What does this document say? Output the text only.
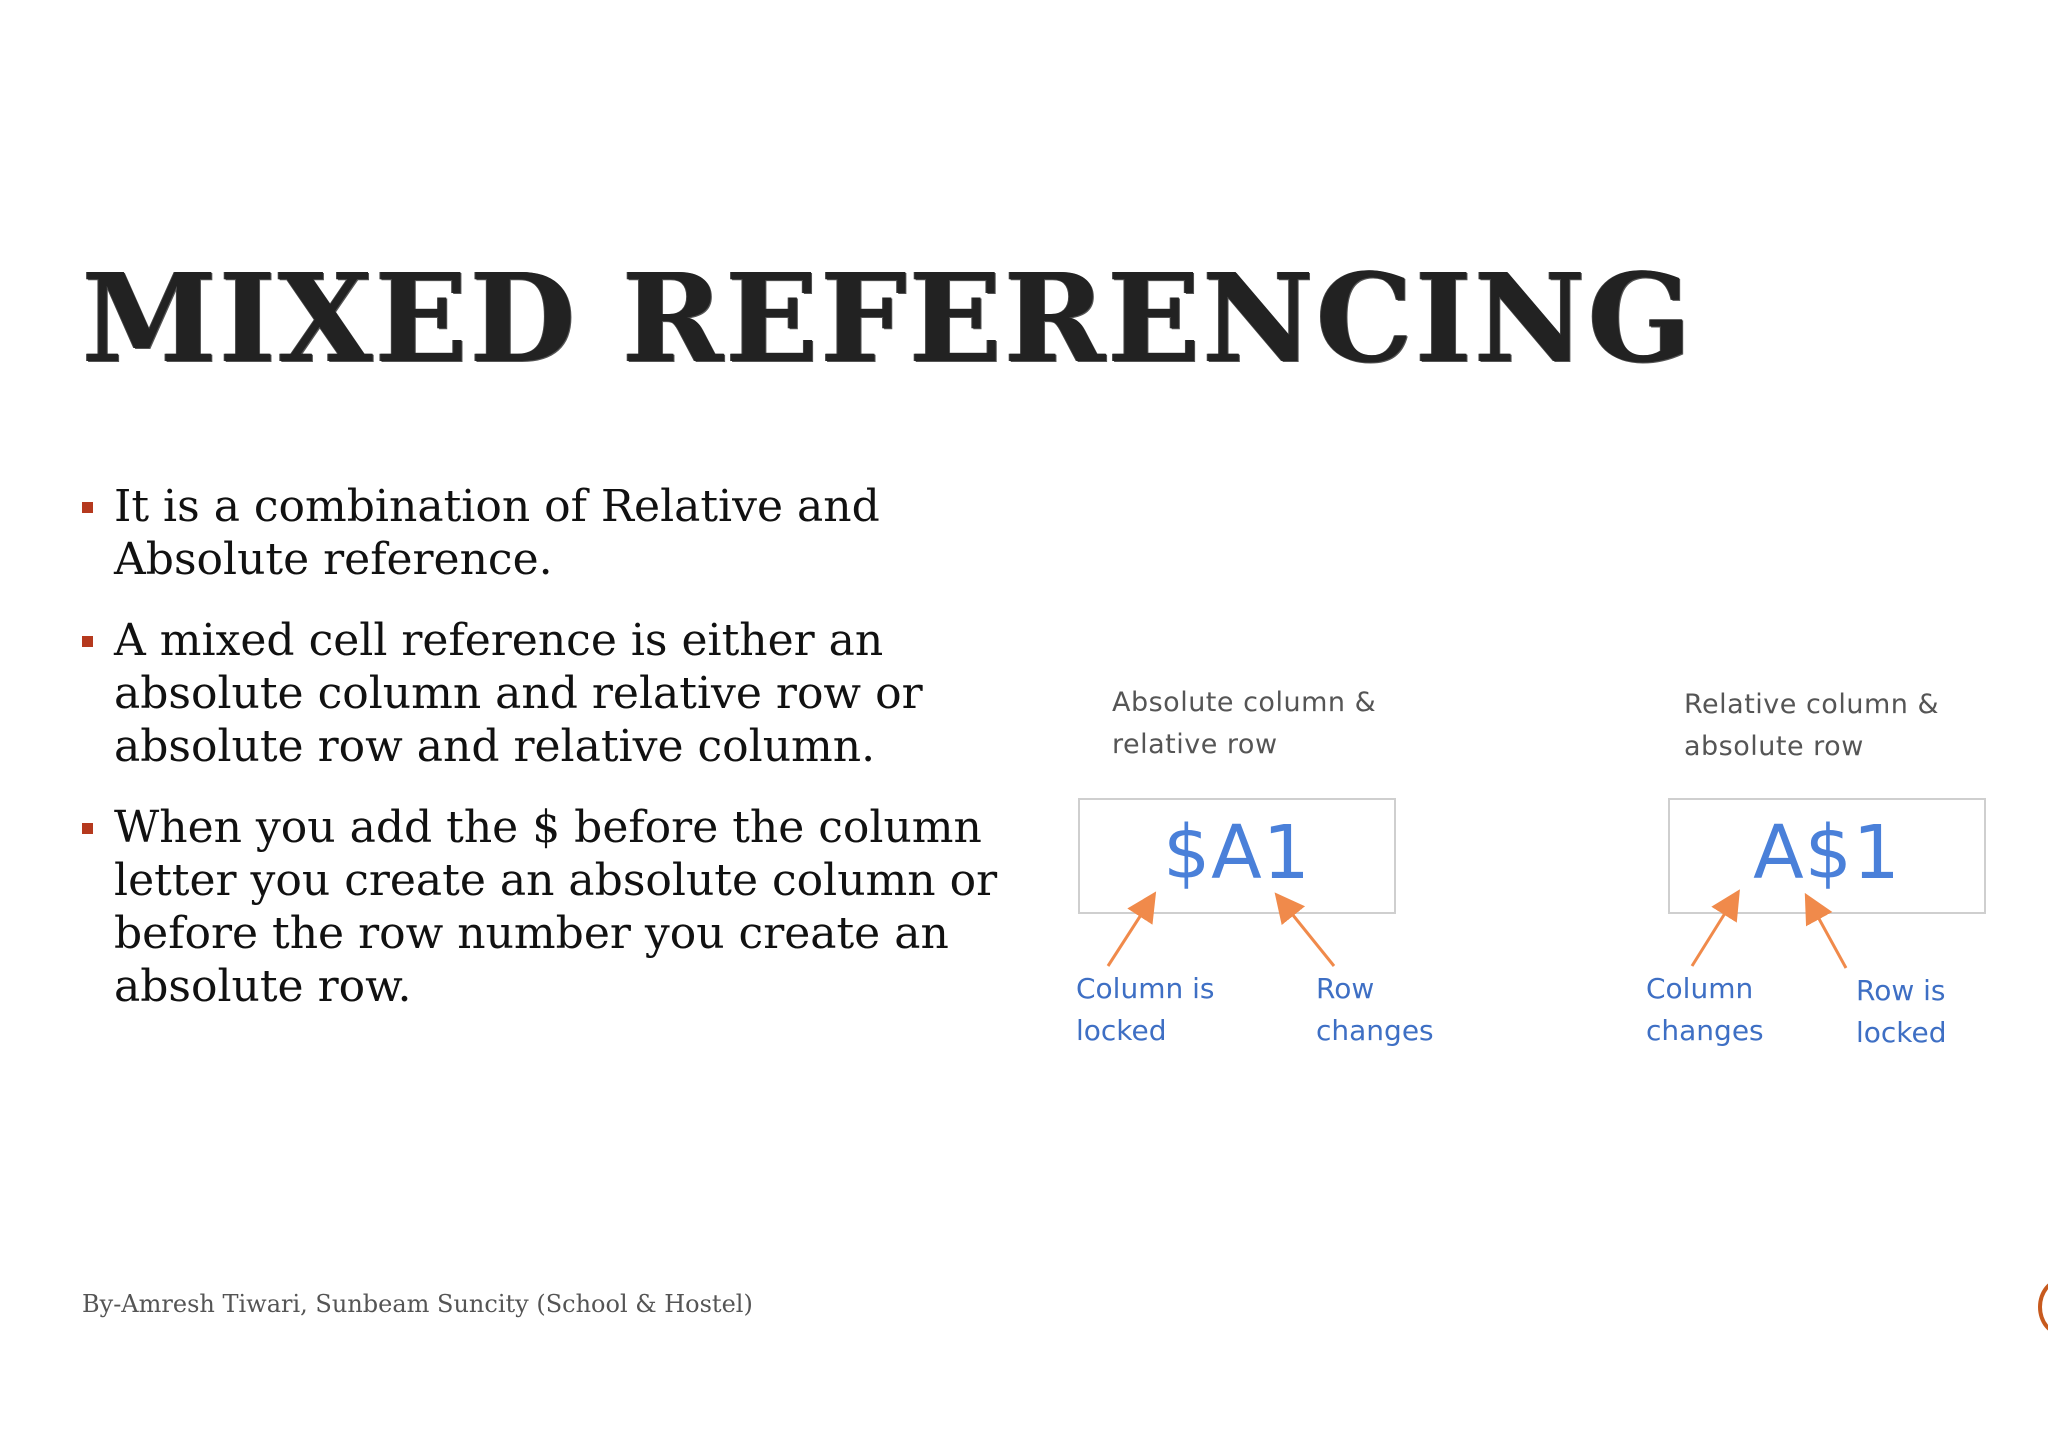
MIXED REFERENCING
It is a combination of Relative and Absolute reference.
A mixed cell reference is either an absolute column and relative row or absolute row and relative column.
When you add the $ before the column letter you create an absolute column or before the row number you create an absolute row.
Absolute column &
relative row
$A1
Column is
locked
Row
changes
Relative column &
absolute row
A$1
Column
changes
Row is
locked
By-Amresh Tiwari, Sunbeam Suncity (School & Hostel)
